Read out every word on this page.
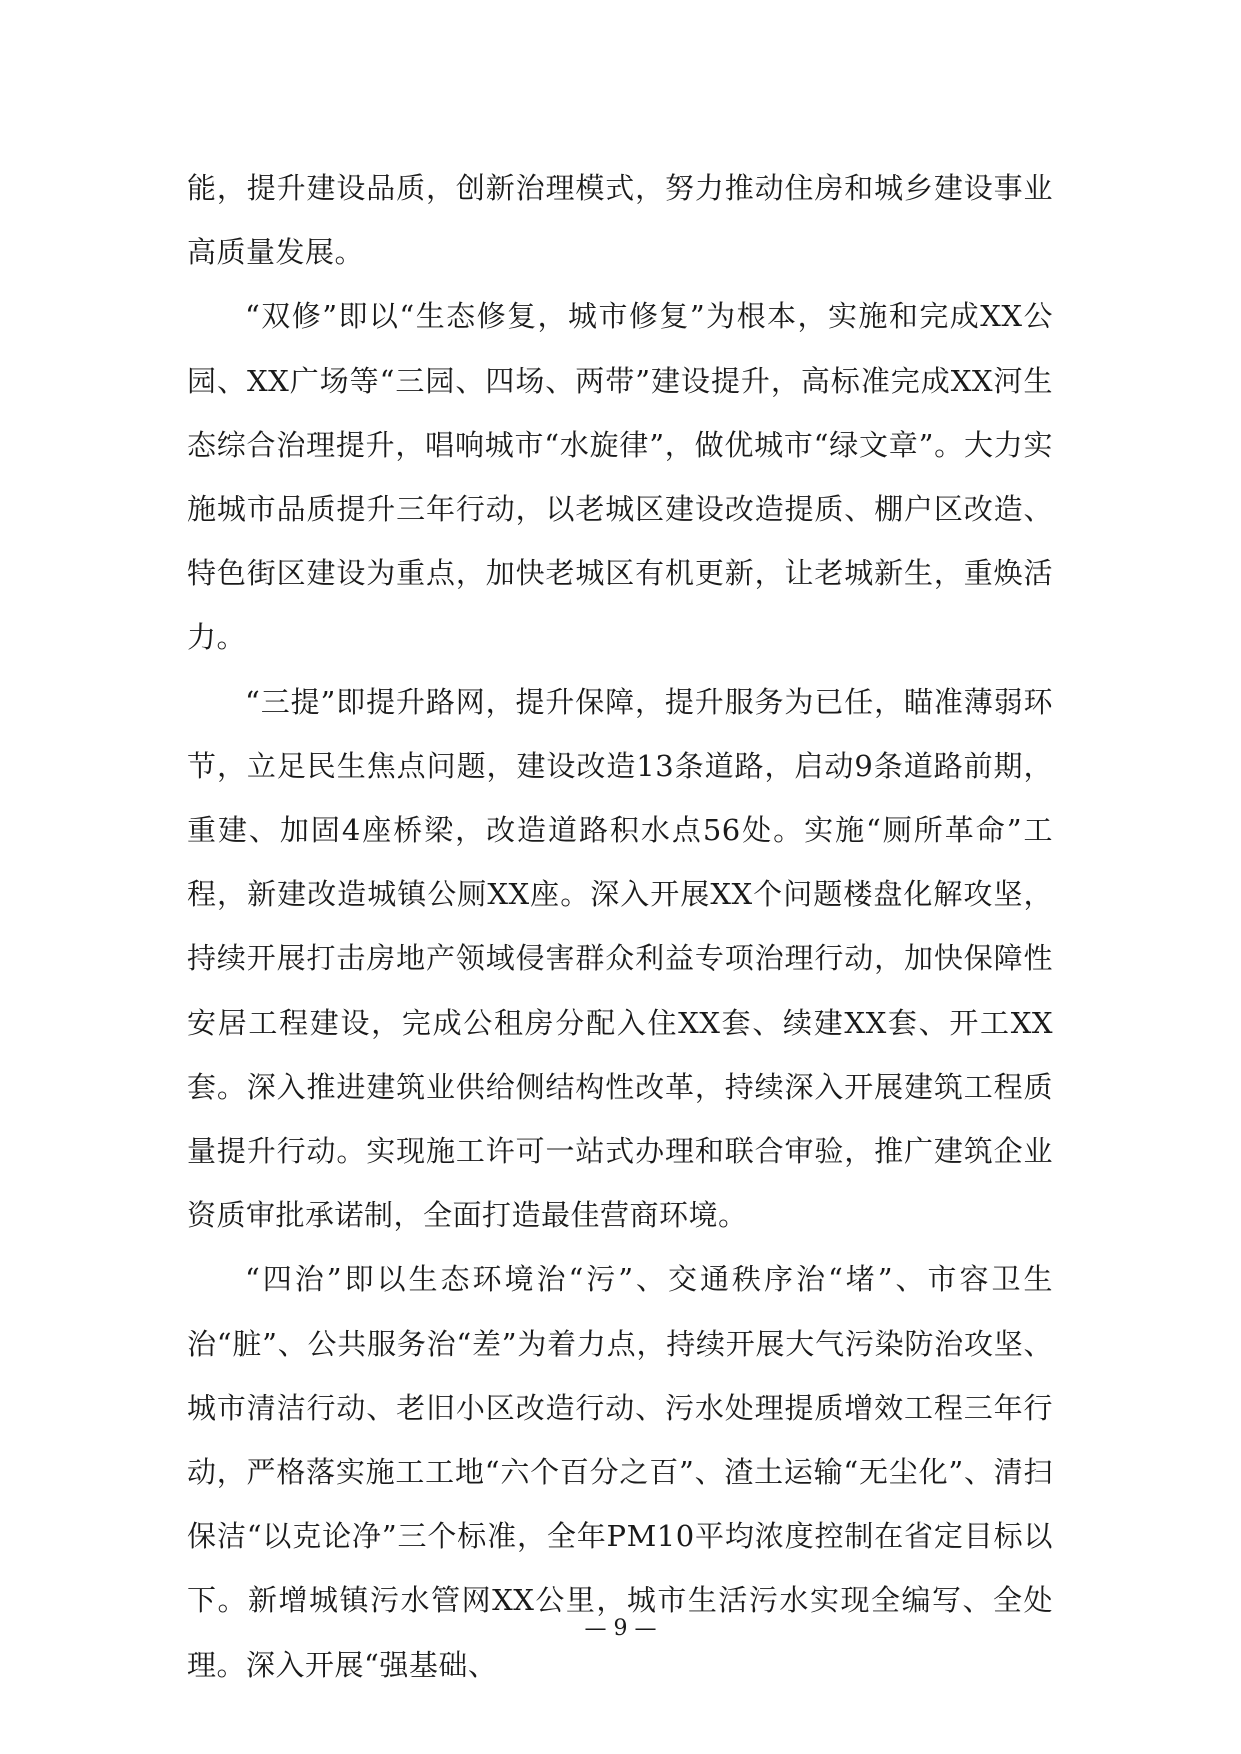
能，提升建设品质，创新治理模式，努力推动住房和城乡建设事业高质量发展。

“双修”即以“生态修复，城市修复”为根本，实施和完成XX公园、XX广场等“三园、四场、两带”建设提升，高标准完成XX河生态综合治理提升，唱响城市“水旋律”，做优城市“绿文章”。大力实施城市品质提升三年行动，以老城区建设改造提质、棚户区改造、特色街区建设为重点，加快老城区有机更新，让老城新生，重焕活力。

“三提”即提升路网，提升保障，提升服务为已任，瞄准薄弱环节，立足民生焦点问题，建设改造13条道路，启动9条道路前期，重建、加固4座桥梁，改造道路积水点56处。实施“厕所革命”工程，新建改造城镇公厕XX座。深入开展XX个问题楼盘化解攻坚，持续开展打击房地产领域侵害群众利益专项治理行动，加快保障性安居工程建设，完成公租房分配入住XX套、续建XX套、开工XX套。深入推进建筑业供给侧结构性改革，持续深入开展建筑工程质量提升行动。实现施工许可一站式办理和联合审验，推广建筑企业资质审批承诺制，全面打造最佳营商环境。

“四治”即以生态环境治“污”、交通秩序治“堵”、市容卫生治“脏”、公共服务治“差”为着力点，持续开展大气污染防治攻坚、城市清洁行动、老旧小区改造行动、污水处理提质增效工程三年行动，严格落实施工工地“六个百分之百”、渣土运输“无尘化”、清扫保洁“以克论净”三个标准，全年PM10平均浓度控制在省定目标以下。新增城镇污水管网XX公里，城市生活污水实现全编写、全处理。深入开展“强基础、

— 9 —
